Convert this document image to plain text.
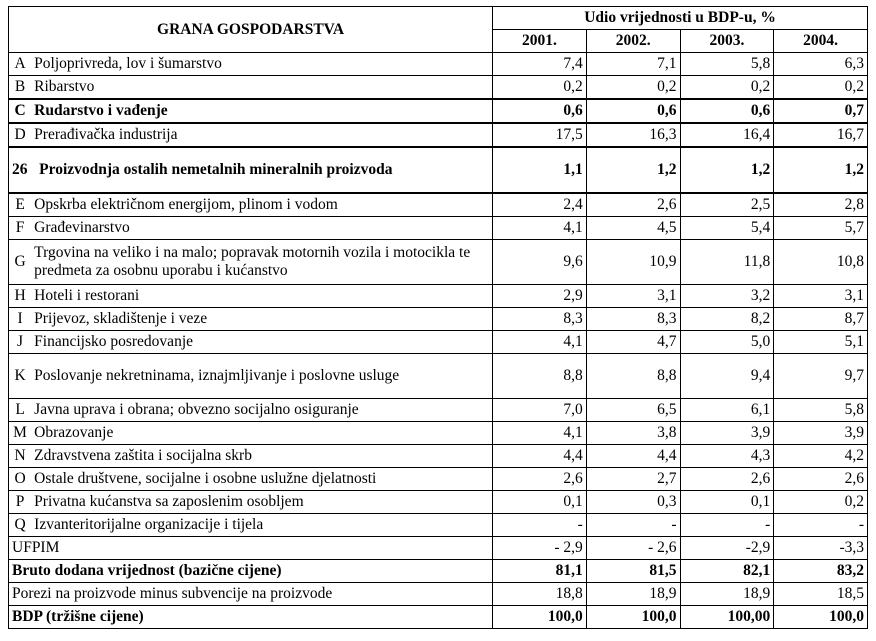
GRANA GOSPODARSTVA		Udio vrijednosti u BDP-u, %			
		2001.	2002.	2003.	2004.
A	Poljoprivreda, lov i šumarstvo	7,4	7,1	5,8	6,3
B	Ribarstvo	0,2	0,2	0,2	0,2
C	Rudarstvo i vađenje	0,6	0,6	0,6	0,7
D	Prerađivačka industrija	17,5	16,3	16,4	16,7
26 Proizvodnja ostalih nemetalnih mineralnih proizvoda		1,1	1,2	1,2	1,2
E	Opskrba električnom energijom, plinom i vodom	2,4	2,6	2,5	2,8
F	Građevinarstvo	4,1	4,5	5,4	5,7
G	Trgovina na veliko i na malo; popravak motornih vozila i motocikla te predmeta za osobnu uporabu i kućanstvo	9,6	10,9	11,8	10,8
H	Hoteli i restorani	2,9	3,1	3,2	3,1
I	Prijevoz, skladištenje i veze	8,3	8,3	8,2	8,7
J	Financijsko posredovanje	4,1	4,7	5,0	5,1
K	Poslovanje nekretninama, iznajmljivanje i poslovne usluge	8,8	8,8	9,4	9,7
L	Javna uprava i obrana; obvezno socijalno osiguranje	7,0	6,5	6,1	5,8
M	Obrazovanje	4,1	3,8	3,9	3,9
N	Zdravstvena zaštita i socijalna skrb	4,4	4,4	4,3	4,2
O	Ostale društvene, socijalne i osobne uslužne djelatnosti	2,6	2,7	2,6	2,6
P	Privatna kućanstva sa zaposlenim osobljem	0,1	0,3	0,1	0,2
Q	Izvanteritorijalne organizacije i tijela	-	-	-	-
UFPIM		- 2,9	- 2,6	-2,9	-3,3
Bruto dodana vrijednost (bazične cijene)		81,1	81,5	82,1	83,2
Porezi na proizvode minus subvencije na proizvode		18,8	18,9	18,9	18,5
BDP (tržišne cijene)		100,0	100,0	100,00	100,0
